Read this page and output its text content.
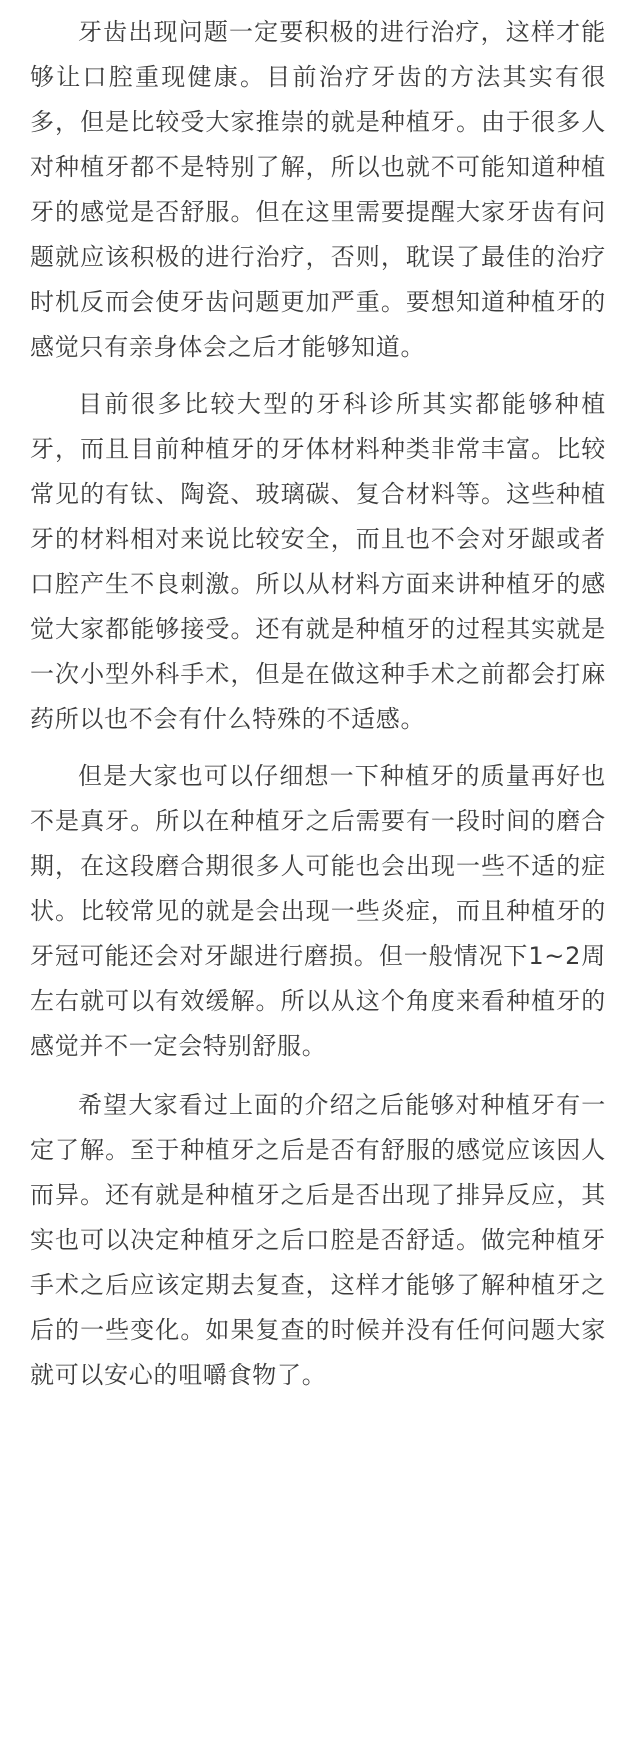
牙齿出现问题一定要积极的进行治疗，这样才能够让口腔重现健康。目前治疗牙齿的方法其实有很多，但是比较受大家推崇的就是种植牙。由于很多人对种植牙都不是特别了解，所以也就不可能知道种植牙的感觉是否舒服。但在这里需要提醒大家牙齿有问题就应该积极的进行治疗，否则，耽误了最佳的治疗时机反而会使牙齿问题更加严重。要想知道种植牙的感觉只有亲身体会之后才能够知道。

目前很多比较大型的牙科诊所其实都能够种植牙，而且目前种植牙的牙体材料种类非常丰富。比较常见的有钛、陶瓷、玻璃碳、复合材料等。这些种植牙的材料相对来说比较安全，而且也不会对牙龈或者口腔产生不良刺激。所以从材料方面来讲种植牙的感觉大家都能够接受。还有就是种植牙的过程其实就是一次小型外科手术，但是在做这种手术之前都会打麻药所以也不会有什么特殊的不适感。

但是大家也可以仔细想一下种植牙的质量再好也不是真牙。所以在种植牙之后需要有一段时间的磨合期，在这段磨合期很多人可能也会出现一些不适的症状。比较常见的就是会出现一些炎症，而且种植牙的牙冠可能还会对牙龈进行磨损。但一般情况下1~2周左右就可以有效缓解。所以从这个角度来看种植牙的感觉并不一定会特别舒服。

希望大家看过上面的介绍之后能够对种植牙有一定了解。至于种植牙之后是否有舒服的感觉应该因人而异。还有就是种植牙之后是否出现了排异反应，其实也可以决定种植牙之后口腔是否舒适。做完种植牙手术之后应该定期去复查，这样才能够了解种植牙之后的一些变化。如果复查的时候并没有任何问题大家就可以安心的咀嚼食物了。
